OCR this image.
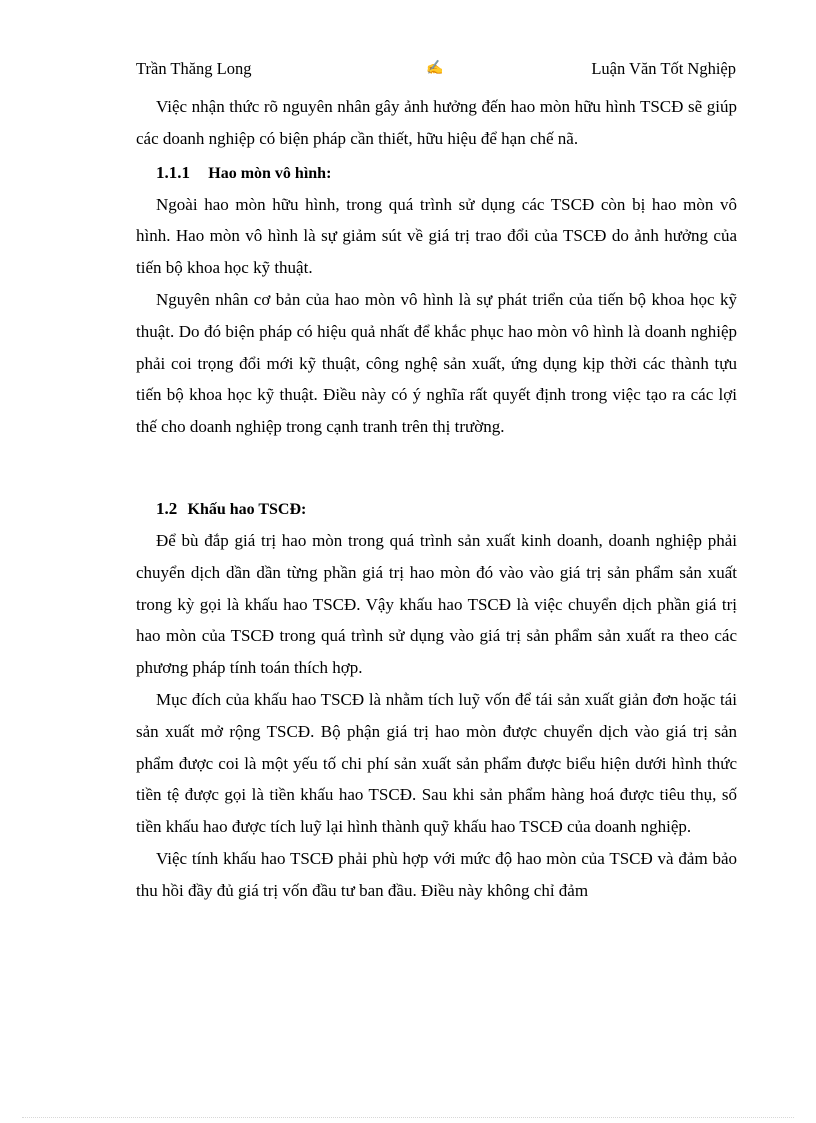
Trần Thăng Long	✍	Luận Văn Tốt Nghiệp

Việc nhận thức rõ nguyên nhân gây ảnh hưởng đến hao mòn hữu hình TSCĐ sẽ giúp các doanh nghiệp có biện pháp cần thiết, hữu hiệu để hạn chế nã.

1.1.1 Hao mòn vô hình:

Ngoài hao mòn hữu hình, trong quá trình sử dụng các TSCĐ còn bị hao mòn vô hình. Hao mòn vô hình là sự giảm sút về giá trị trao đổi của TSCĐ do ảnh hưởng của tiến bộ khoa học kỹ thuật.

Nguyên nhân cơ bản của hao mòn vô hình là sự phát triển của tiến bộ khoa học kỹ thuật. Do đó biện pháp có hiệu quả nhất để khắc phục hao mòn vô hình là doanh nghiệp phải coi trọng đổi mới kỹ thuật, công nghệ sản xuất, ứng dụng kịp thời các thành tựu tiến bộ khoa học kỹ thuật. Điều này có ý nghĩa rất quyết định trong việc tạo ra các lợi thế cho doanh nghiệp trong cạnh tranh trên thị trường.

1.2 Khấu hao TSCĐ:

Để bù đắp giá trị hao mòn trong quá trình sản xuất kinh doanh, doanh nghiệp phải chuyển dịch dần dần từng phần giá trị hao mòn đó vào vào giá trị sản phẩm sản xuất trong kỳ gọi là khấu hao TSCĐ. Vậy khấu hao TSCĐ là việc chuyển dịch phần giá trị hao mòn của TSCĐ trong quá trình sử dụng vào giá trị sản phẩm sản xuất ra theo các phương pháp tính toán thích hợp.

Mục đích của khấu hao TSCĐ là nhằm tích luỹ vốn để tái sản xuất giản đơn hoặc tái sản xuất mở rộng TSCĐ. Bộ phận giá trị hao mòn được chuyển dịch vào giá trị sản phẩm được coi là một yếu tố chi phí sản xuất sản phẩm được biểu hiện dưới hình thức tiền tệ được gọi là tiền khấu hao TSCĐ. Sau khi sản phẩm hàng hoá được tiêu thụ, số tiền khấu hao được tích luỹ lại hình thành quỹ khấu hao TSCĐ của doanh nghiệp.

Việc tính khấu hao TSCĐ phải phù hợp với mức độ hao mòn của TSCĐ và đảm bảo thu hồi đầy đủ giá trị vốn đầu tư ban đầu. Điều này không chỉ đảm
